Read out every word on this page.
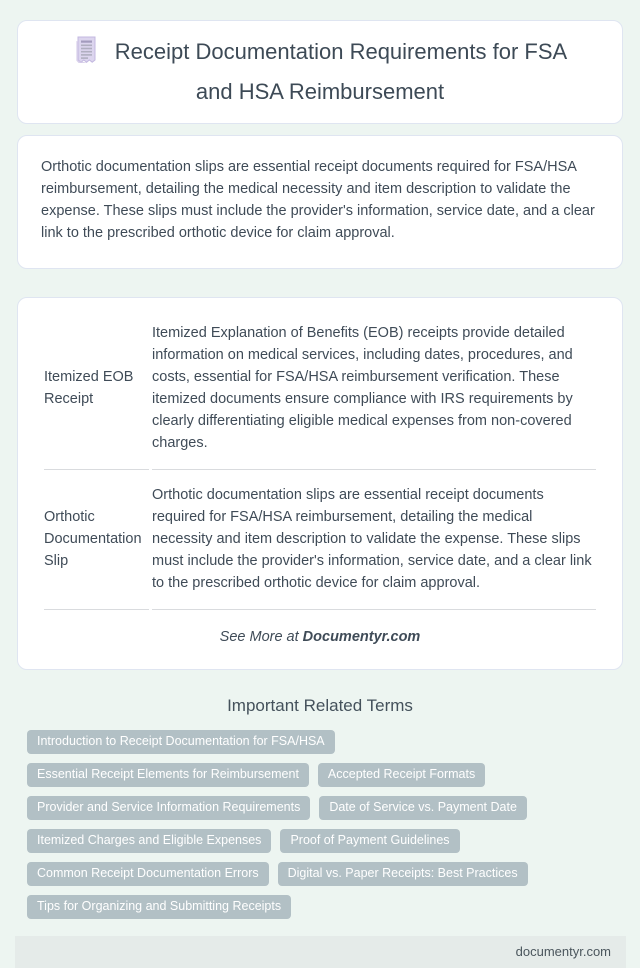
Receipt Documentation Requirements for FSA and HSA Reimbursement
Orthotic documentation slips are essential receipt documents required for FSA/HSA reimbursement, detailing the medical necessity and item description to validate the expense. These slips must include the provider's information, service date, and a clear link to the prescribed orthotic device for claim approval.
Itemized EOB Receipt	Itemized Explanation of Benefits (EOB) receipts provide detailed information on medical services, including dates, procedures, and costs, essential for FSA/HSA reimbursement verification. These itemized documents ensure compliance with IRS requirements by clearly differentiating eligible medical expenses from non-covered charges.
Orthotic Documentation Slip	Orthotic documentation slips are essential receipt documents required for FSA/HSA reimbursement, detailing the medical necessity and item description to validate the expense. These slips must include the provider's information, service date, and a clear link to the prescribed orthotic device for claim approval.
See More at Documentyr.com
Important Related Terms
Introduction to Receipt Documentation for FSA/HSA
Essential Receipt Elements for Reimbursement	Accepted Receipt Formats
Provider and Service Information Requirements	Date of Service vs. Payment Date
Itemized Charges and Eligible Expenses	Proof of Payment Guidelines
Common Receipt Documentation Errors	Digital vs. Paper Receipts: Best Practices
Tips for Organizing and Submitting Receipts
documentyr.com
